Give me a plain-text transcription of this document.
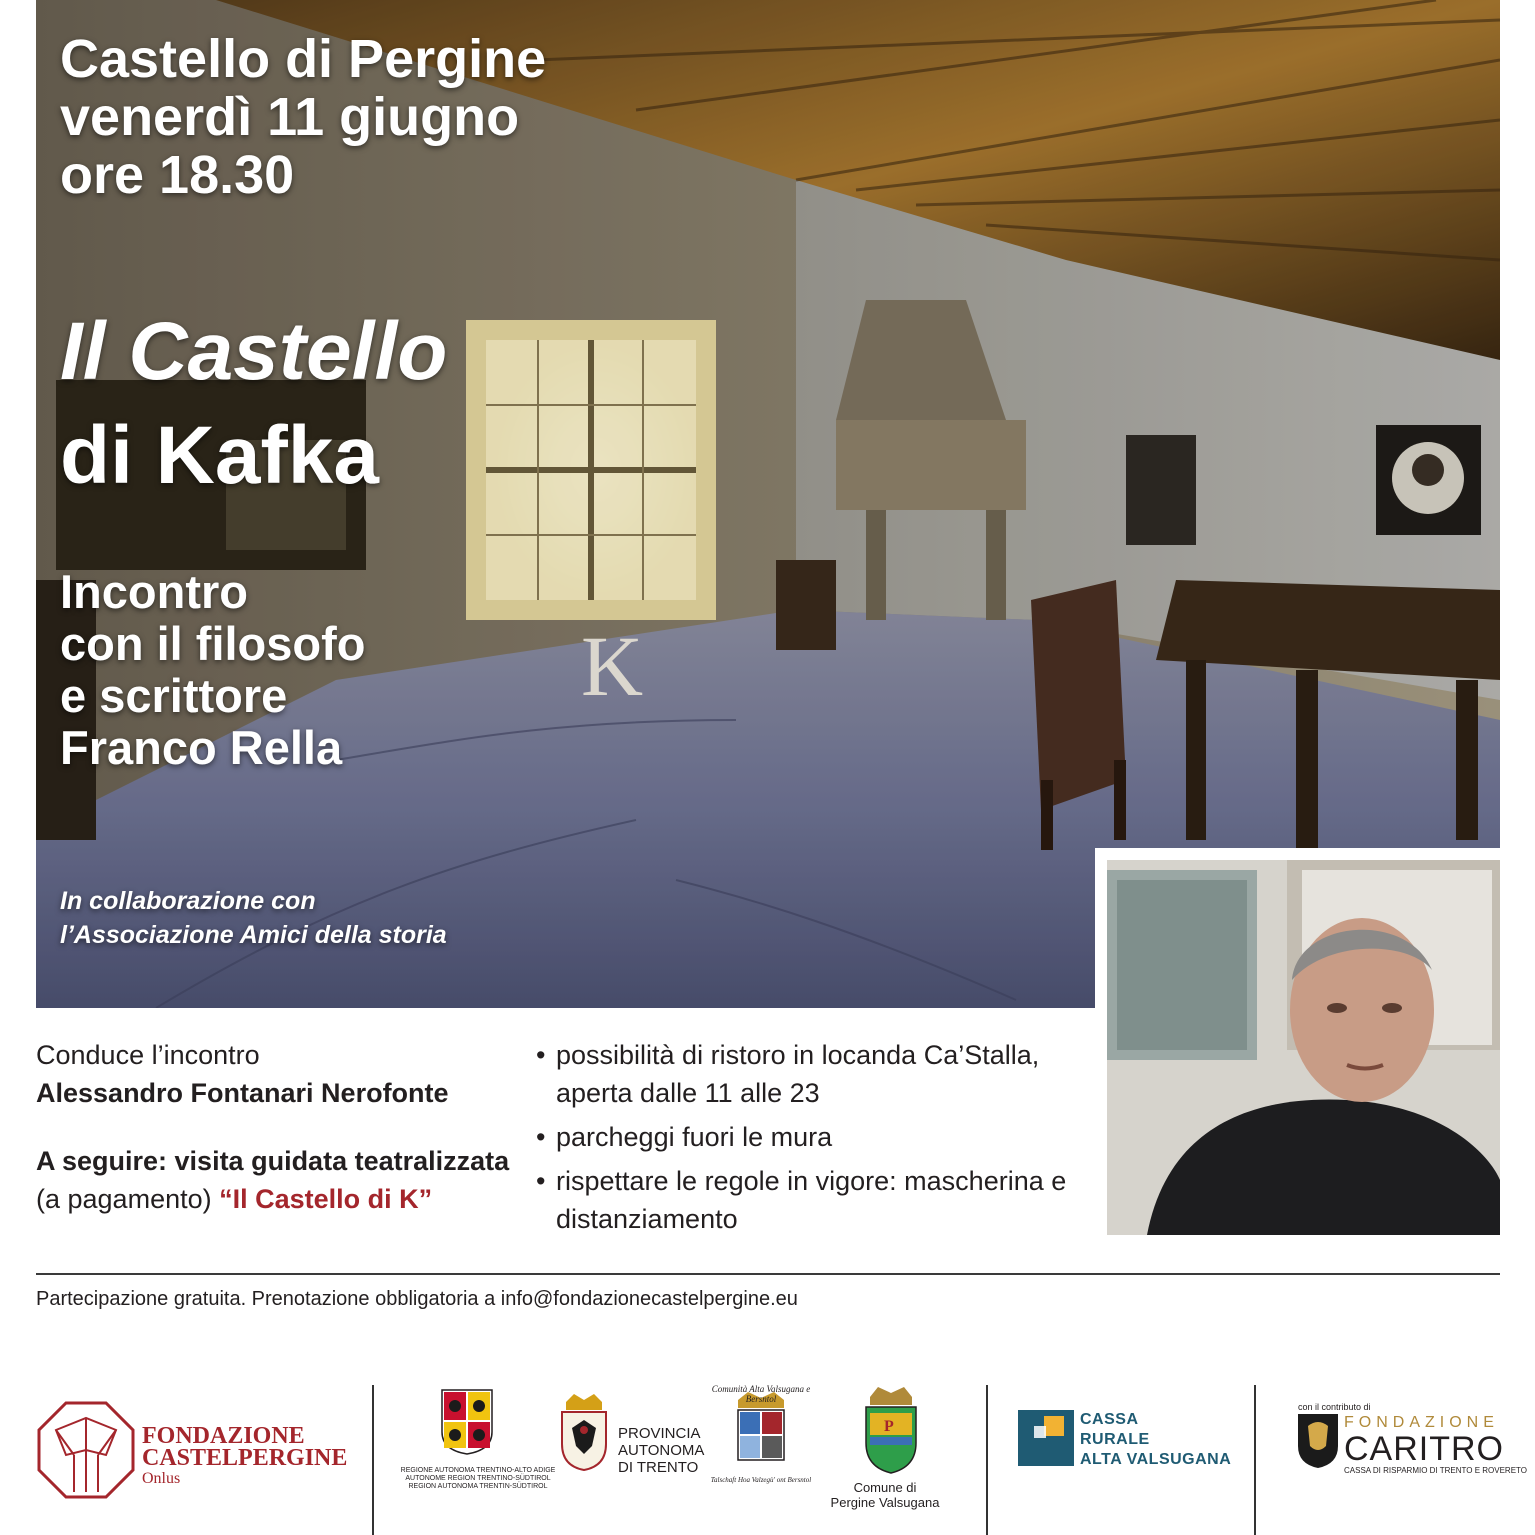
K
Castello di Pergine
venerdì 11 giugno
ore 18.30
Il Castello
di Kafka
Incontro
con il filosofo
e scrittore
Franco Rella
In collaborazione con
l’Associazione Amici della storia
Conduce l’incontro
Alessandro Fontanari Nerofonte
A seguire: visita guidata teatralizzata
(a pagamento) “Il Castello di K”
• possibilità di ristoro in locanda Ca’Stalla, aperta dalle 11 alle 23
• parcheggi fuori le mura
• rispettare le regole in vigore: mascherina e distanziamento
Partecipazione gratuita. Prenotazione obbligatoria a info@fondazionecastelpergine.eu
FONDAZIONE
CASTELPERGINE
Onlus	REGIONE AUTONOMA TRENTINO-ALTO ADIGE
AUTONOME REGION TRENTINO-SÜDTIROL
REGION AUTONOMA TRENTIN-SÜDTIROL
PROVINCIA
AUTONOMA
DI TRENTO
Comunità Alta Valsugana e Bersntol
Talschaft Hoa Valzegù' ont Bersntol
P
Comune di
Pergine Valsugana
CASSA
RURALE
ALTA VALSUGANA
con il contributo di
FONDAZIONE
CARITRO
CASSA DI RISPARMIO DI TRENTO E ROVERETO
